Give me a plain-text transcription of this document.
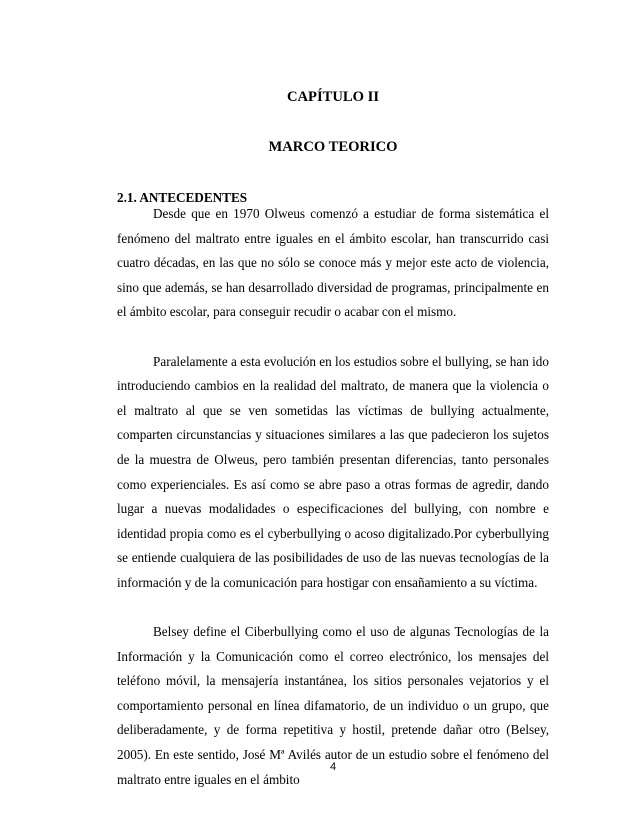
CAPÍTULO II
MARCO TEORICO
2.1. ANTECEDENTES

Desde que en 1970 Olweus comenzó a estudiar de forma sistemática el fenómeno del maltrato entre iguales en el ámbito escolar, han transcurrido casi cuatro décadas, en las que no sólo se conoce más y mejor este acto de violencia, sino que además, se han desarrollado diversidad de programas, principalmente en el ámbito escolar, para conseguir recudir o acabar con el mismo.

Paralelamente a esta evolución en los estudios sobre el bullying, se han ido introduciendo cambios en la realidad del maltrato, de manera que la violencia o el maltrato al que se ven sometidas las víctimas de bullying actualmente, comparten circunstancias y situaciones similares a las que padecieron los sujetos de la muestra de Olweus, pero también presentan diferencias, tanto personales como experienciales. Es así como se abre paso a otras formas de agredir, dando lugar a nuevas modalidades o especificaciones del bullying, con nombre e identidad propia como es el cyberbullying o acoso digitalizado.Por cyberbullying se entiende cualquiera de las posibilidades de uso de las nuevas tecnologías de la información y de la comunicación para hostigar con ensañamiento a su víctima.

Belsey define el Ciberbullying como el uso de algunas Tecnologías de la Información y la Comunicación como el correo electrónico, los mensajes del teléfono móvil, la mensajería instantánea, los sitios personales vejatorios y el comportamiento personal en línea difamatorio, de un individuo o un grupo, que deliberadamente, y de forma repetitiva y hostil, pretende dañar otro (Belsey, 2005). En este sentido, José Mª Avilés autor de un estudio sobre el fenómeno del maltrato entre iguales en el ámbito

4
